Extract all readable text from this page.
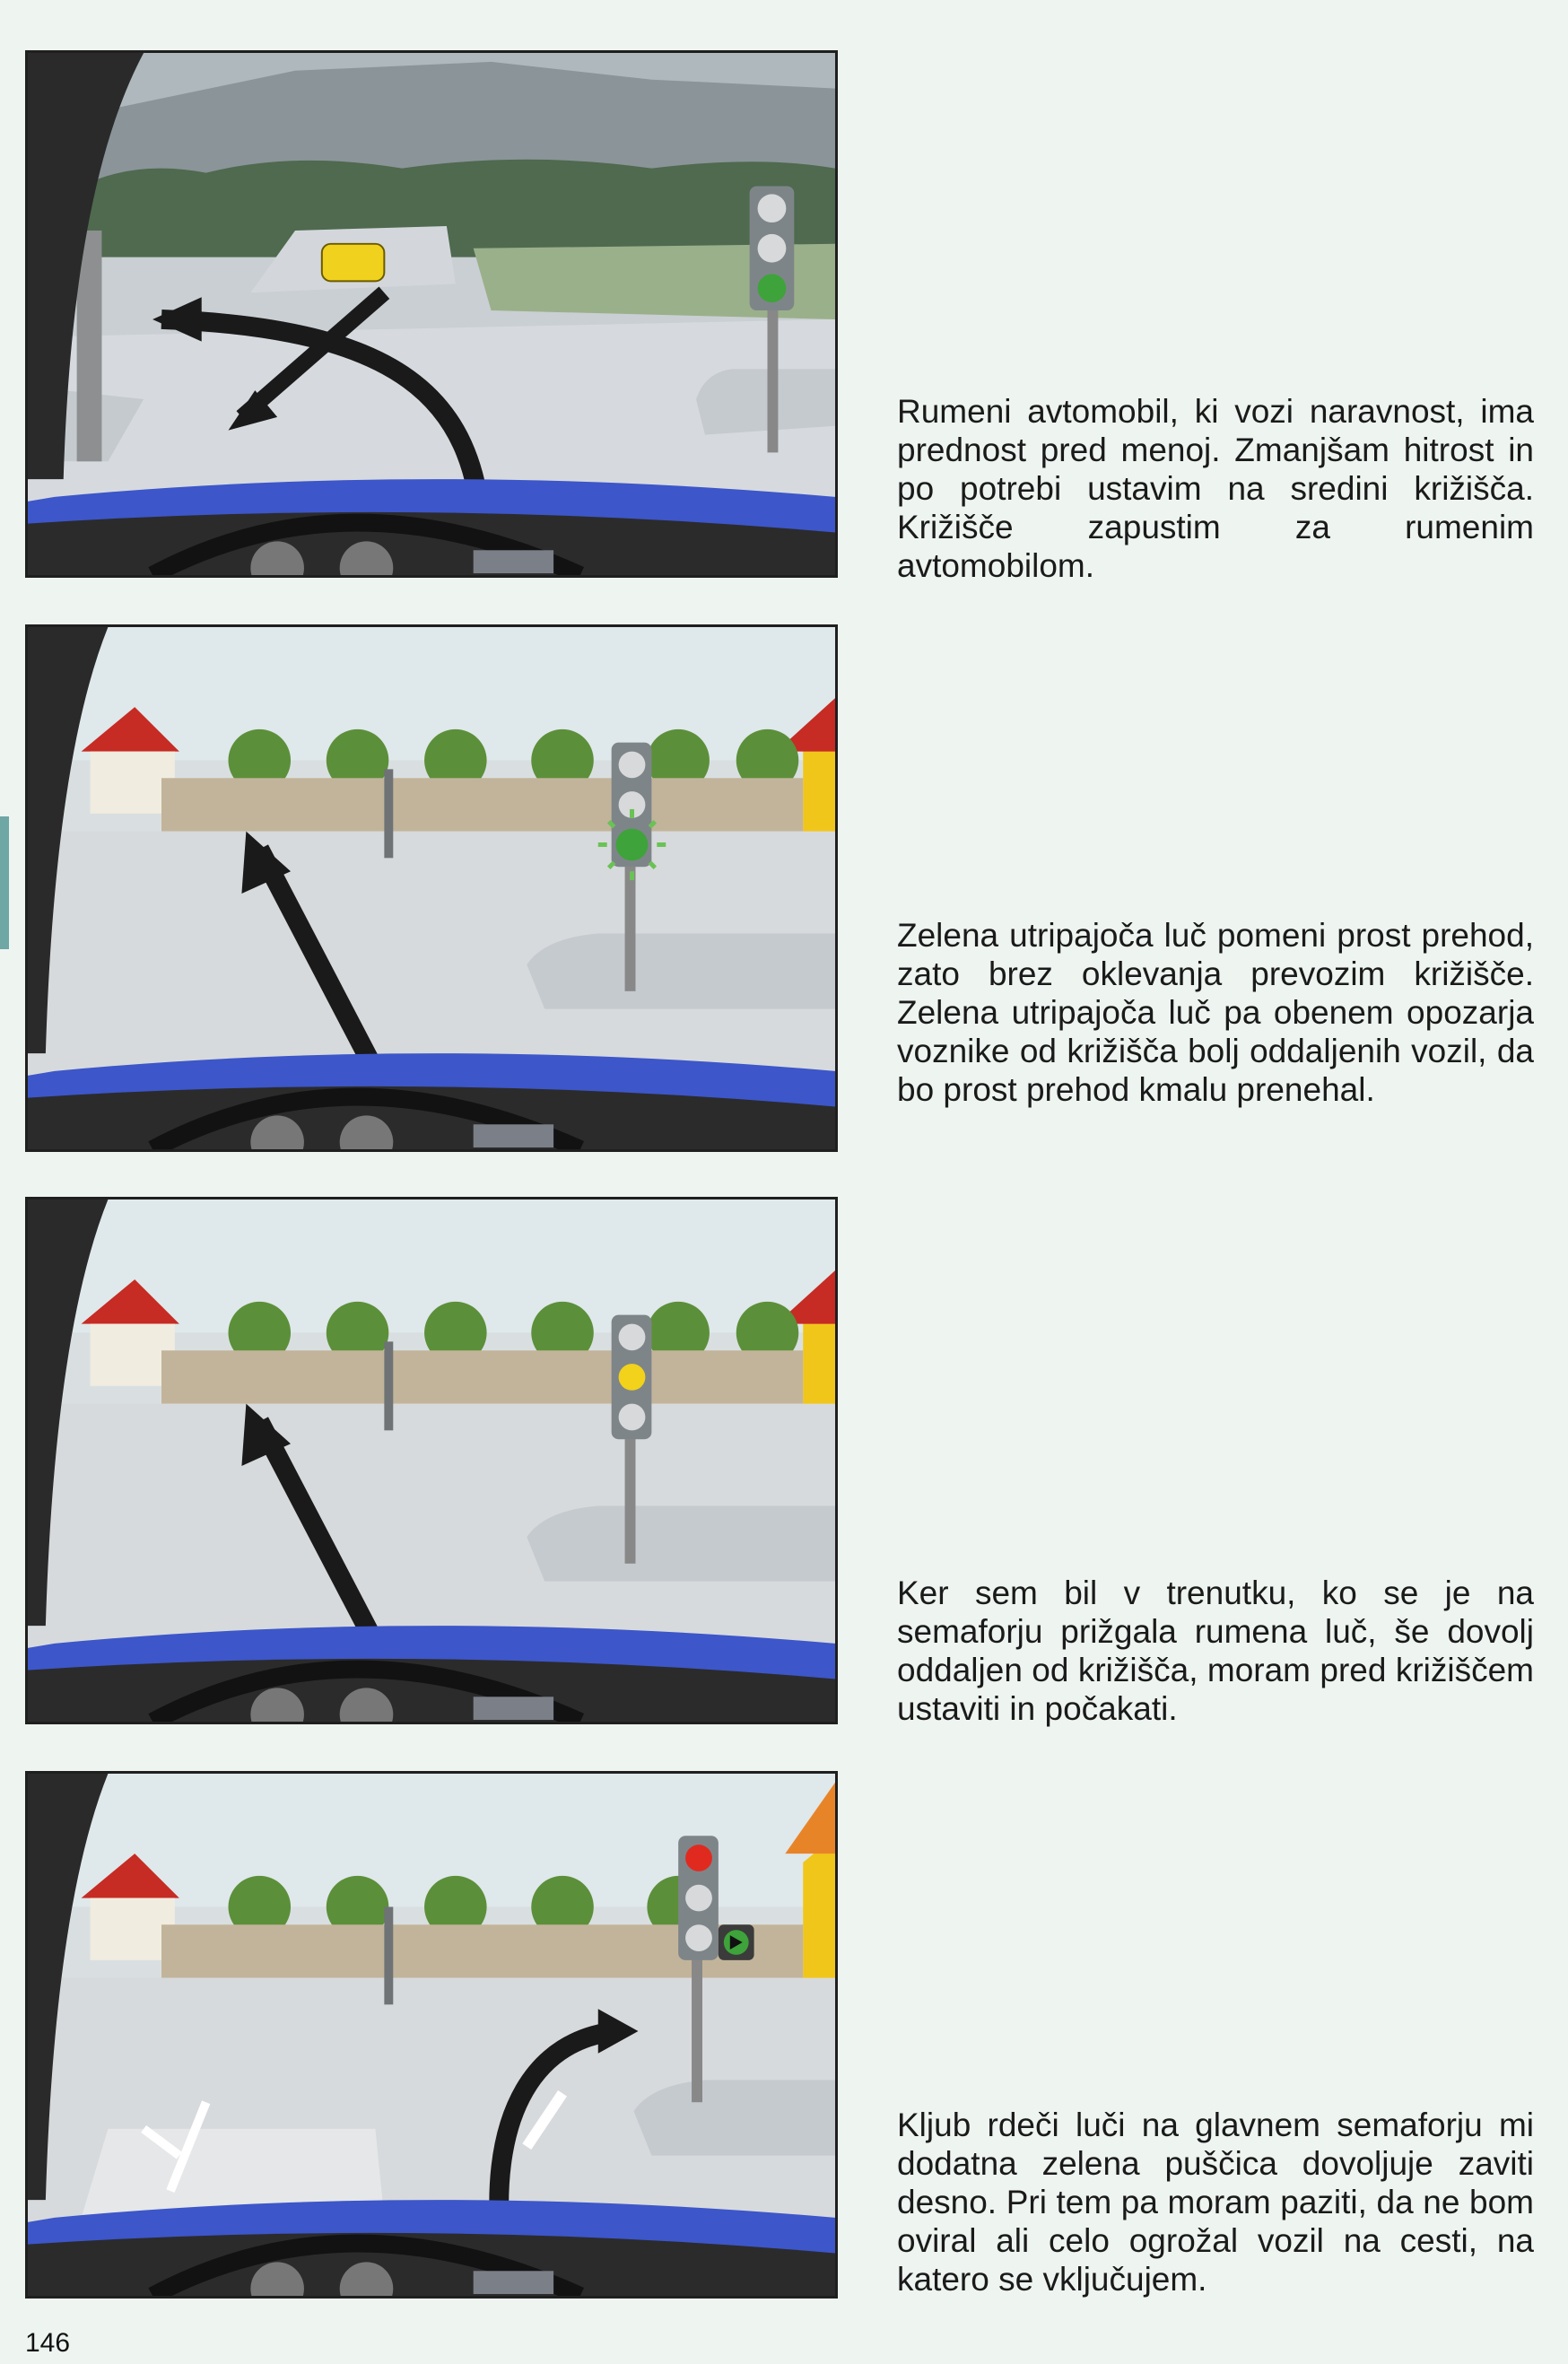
Rumeni avtomobil, ki vozi naravnost, ima prednost pred menoj. Zmanjšam hitrost in po potrebi ustavim na sredini križišča. Križišče zapustim za rumenim avtomobilom.
Zelena utripajoča luč pomeni prost prehod, zato brez oklevanja prevozim križišče. Zelena utripajoča luč pa obenem opozarja voznike od križišča bolj oddaljenih vozil, da bo prost prehod kmalu prenehal.
Ker sem bil v trenutku, ko se je na semaforju prižgala rumena luč, še dovolj oddaljen od križišča, moram pred križiščem ustaviti in počakati.
Kljub rdeči luči na glavnem semaforju mi dodatna zelena puščica dovoljuje zaviti desno. Pri tem pa moram paziti, da ne bom oviral ali celo ogrožal vozil na cesti, na katero se vključujem.
146
